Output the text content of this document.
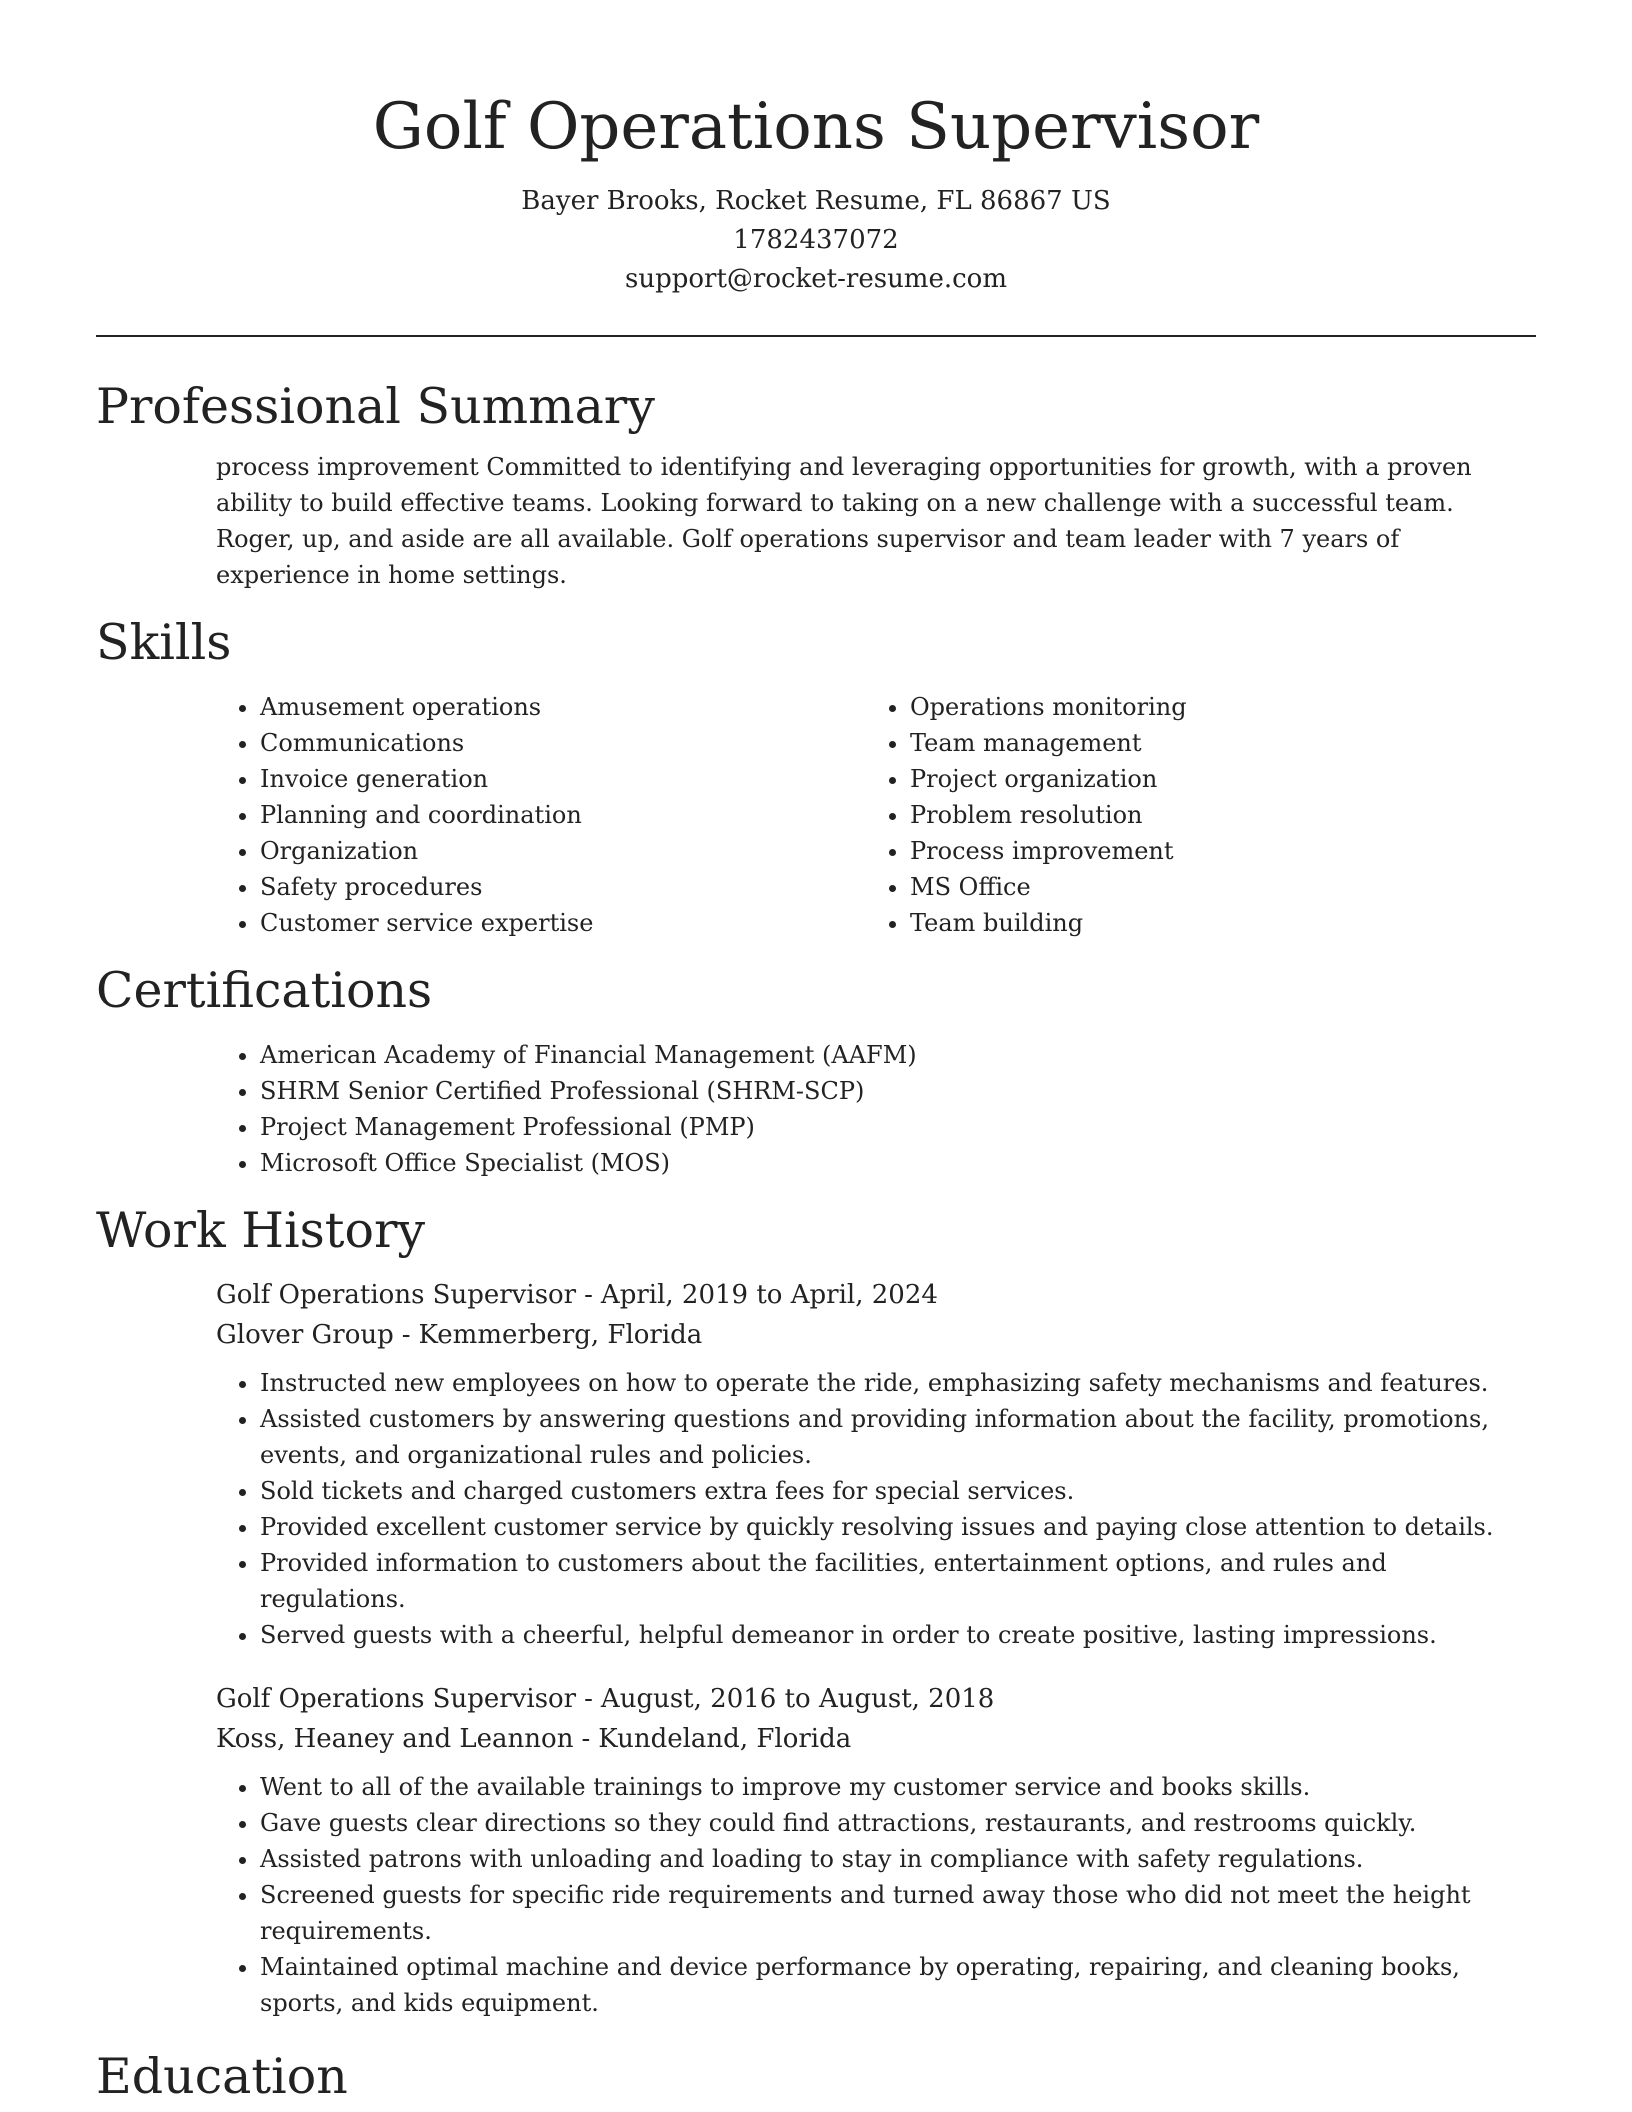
Golf Operations Supervisor

Bayer Brooks, Rocket Resume, FL 86867 US

1782437072

support@rocket-resume.com

Professional Summary

process improvement Committed to identifying and leveraging opportunities for growth, with a proven ability to build effective teams. Looking forward to taking on a new challenge with a successful team. Roger, up, and aside are all available. Golf operations supervisor and team leader with 7 years of experience in home settings.

Skills
• Amusement operations
• Communications
• Invoice generation
• Planning and coordination
• Organization
• Safety procedures
• Customer service expertise
• Operations monitoring
• Team management
• Project organization
• Problem resolution
• Process improvement
• MS Office
• Team building
Certifications
• American Academy of Financial Management (AAFM)
• SHRM Senior Certified Professional (SHRM-SCP)
• Project Management Professional (PMP)
• Microsoft Office Specialist (MOS)
Work History

Golf Operations Supervisor - April, 2019 to April, 2024

Glover Group - Kemmerberg, Florida

• Instructed new employees on how to operate the ride, emphasizing safety mechanisms and features.
• Assisted customers by answering questions and providing information about the facility, promotions, events, and organizational rules and policies.
• Sold tickets and charged customers extra fees for special services.
• Provided excellent customer service by quickly resolving issues and paying close attention to details.
• Provided information to customers about the facilities, entertainment options, and rules and regulations.
• Served guests with a cheerful, helpful demeanor in order to create positive, lasting impressions.

Golf Operations Supervisor - August, 2016 to August, 2018

Koss, Heaney and Leannon - Kundeland, Florida

• Went to all of the available trainings to improve my customer service and books skills.
• Gave guests clear directions so they could find attractions, restaurants, and restrooms quickly.
• Assisted patrons with unloading and loading to stay in compliance with safety regulations.
• Screened guests for specific ride requirements and turned away those who did not meet the height requirements.
• Maintained optimal machine and device performance by operating, repairing, and cleaning books, sports, and kids equipment.
Education
